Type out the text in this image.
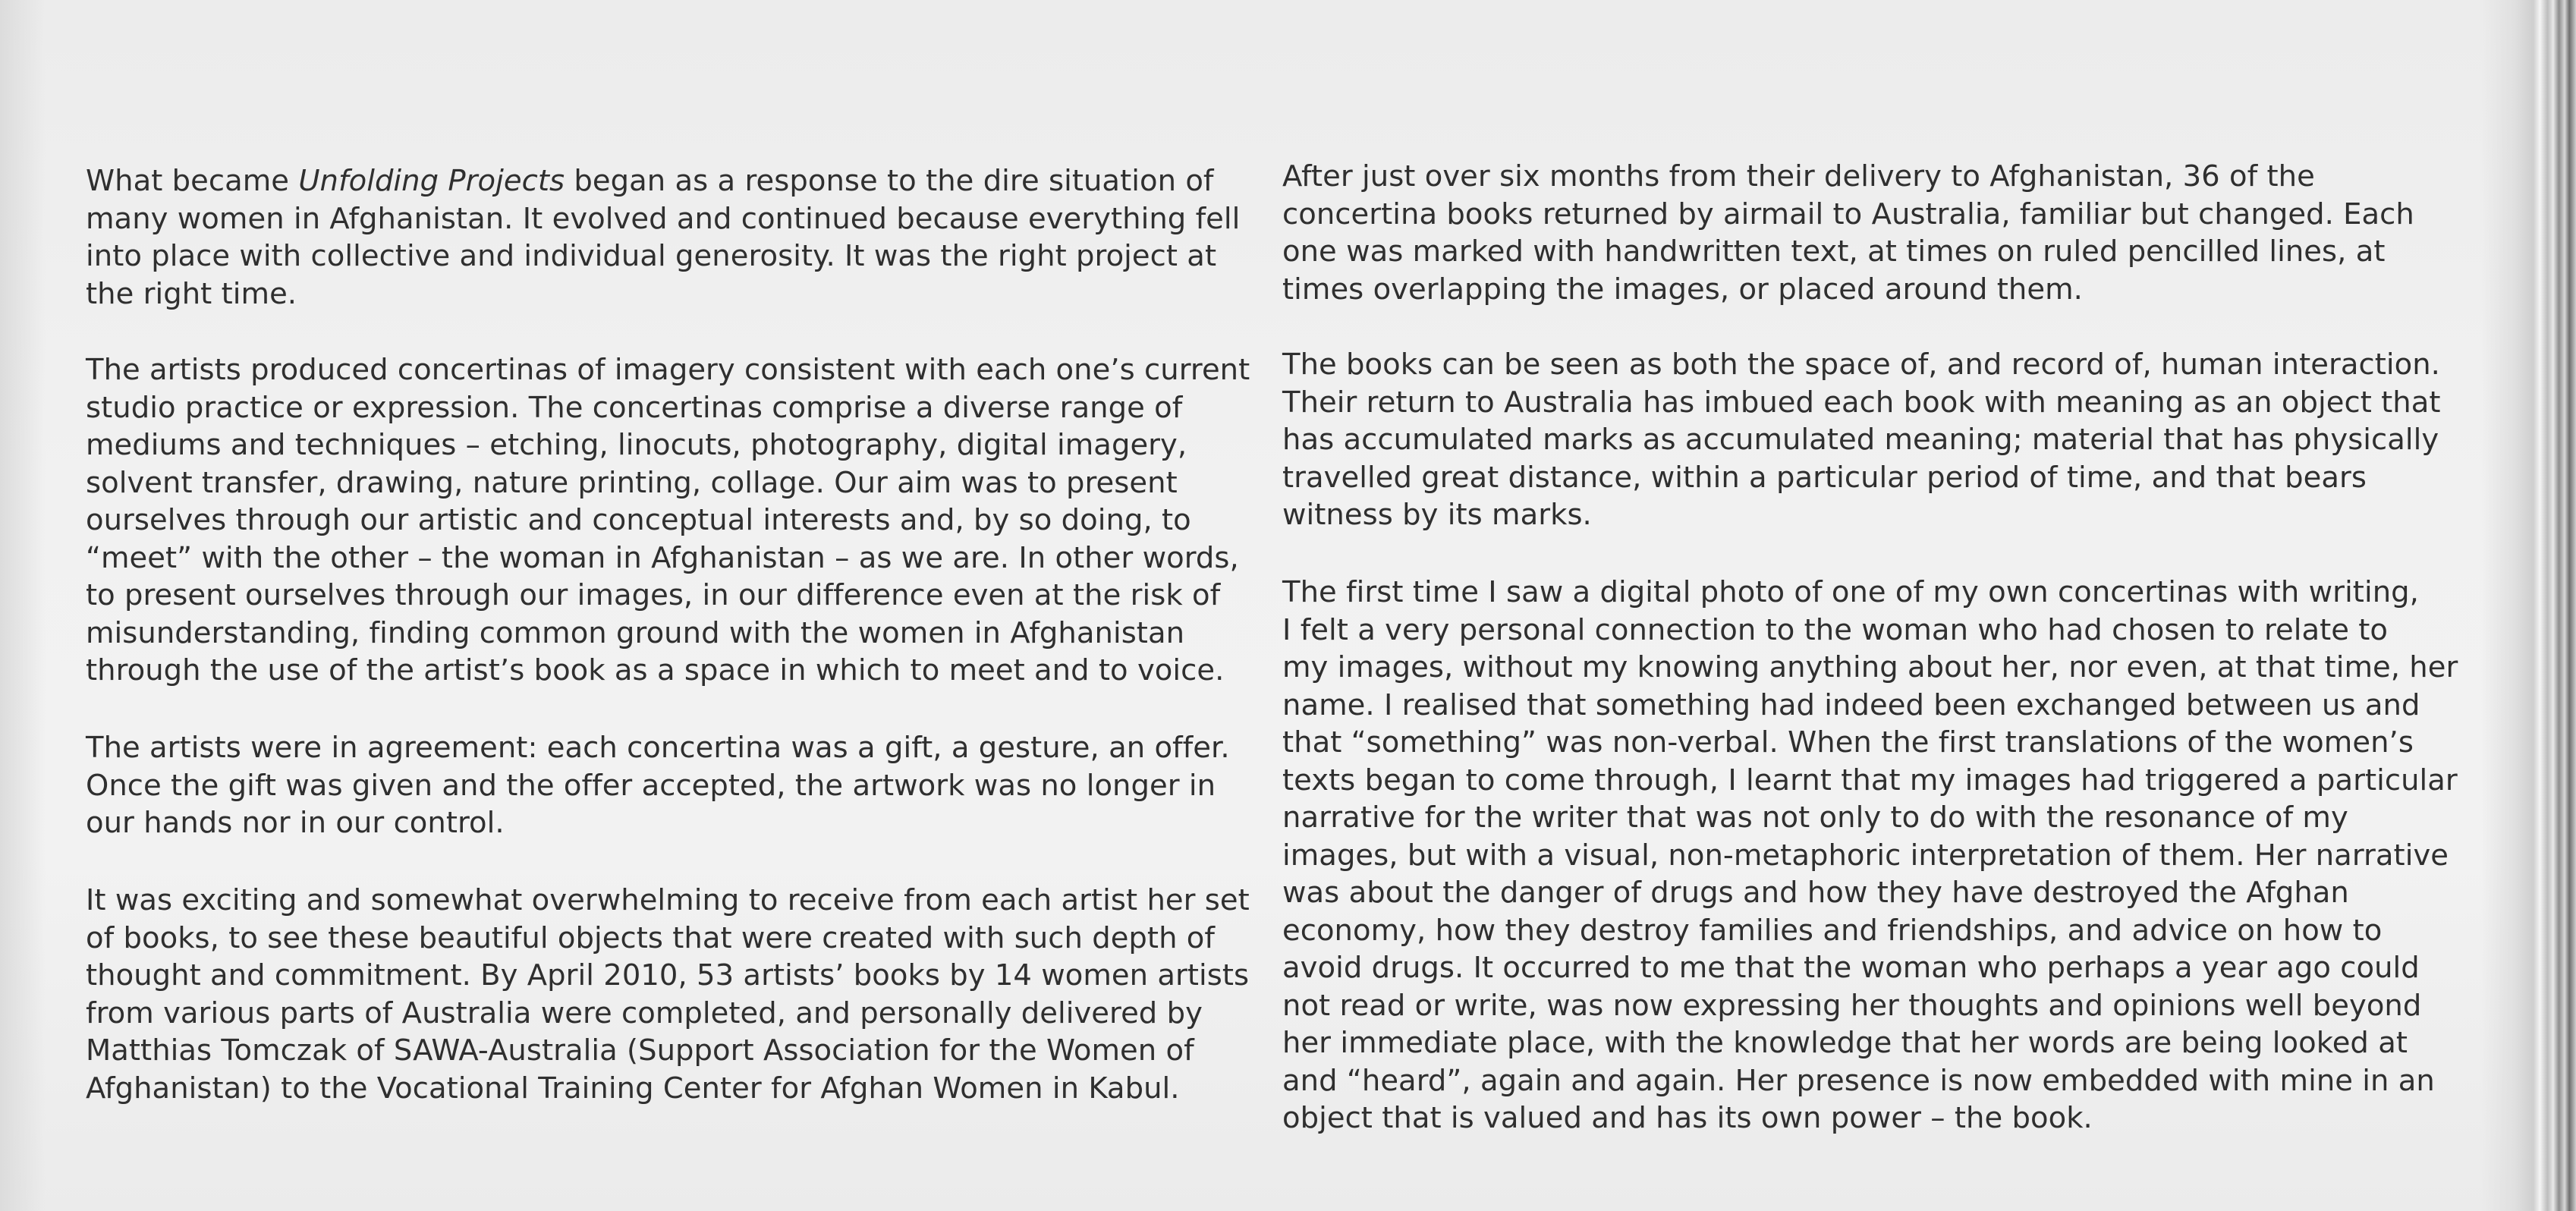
What became Unfolding Projects began as a response to the dire situation of
many women in Afghanistan. It evolved and continued because everything fell
into place with collective and individual generosity. It was the right project at
the right time.

The artists produced concertinas of imagery consistent with each one’s current
studio practice or expression. The concertinas comprise a diverse range of
mediums and techniques – etching, linocuts, photography, digital imagery,
solvent transfer, drawing, nature printing, collage. Our aim was to present
ourselves through our artistic and conceptual interests and, by so doing, to
“meet” with the other – the woman in Afghanistan – as we are. In other words,
to present ourselves through our images, in our difference even at the risk of
misunderstanding, finding common ground with the women in Afghanistan
through the use of the artist’s book as a space in which to meet and to voice.

The artists were in agreement: each concertina was a gift, a gesture, an offer.
Once the gift was given and the offer accepted, the artwork was no longer in
our hands nor in our control.

It was exciting and somewhat overwhelming to receive from each artist her set
of books, to see these beautiful objects that were created with such depth of
thought and commitment. By April 2010, 53 artists’ books by 14 women artists
from various parts of Australia were completed, and personally delivered by
Matthias Tomczak of SAWA-Australia (Support Association for the Women of
Afghanistan) to the Vocational Training Center for Afghan Women in Kabul.

After just over six months from their delivery to Afghanistan, 36 of the
concertina books returned by airmail to Australia, familiar but changed. Each
one was marked with handwritten text, at times on ruled pencilled lines, at
times overlapping the images, or placed around them.

The books can be seen as both the space of, and record of, human interaction.
Their return to Australia has imbued each book with meaning as an object that
has accumulated marks as accumulated meaning; material that has physically
travelled great distance, within a particular period of time, and that bears
witness by its marks.

The first time I saw a digital photo of one of my own concertinas with writing,
I felt a very personal connection to the woman who had chosen to relate to
my images, without my knowing anything about her, nor even, at that time, her
name. I realised that something had indeed been exchanged between us and
that “something” was non-verbal. When the first translations of the women’s
texts began to come through, I learnt that my images had triggered a particular
narrative for the writer that was not only to do with the resonance of my
images, but with a visual, non-metaphoric interpretation of them. Her narrative
was about the danger of drugs and how they have destroyed the Afghan
economy, how they destroy families and friendships, and advice on how to
avoid drugs. It occurred to me that the woman who perhaps a year ago could
not read or write, was now expressing her thoughts and opinions well beyond
her immediate place, with the knowledge that her words are being looked at
and “heard”, again and again. Her presence is now embedded with mine in an
object that is valued and has its own power – the book.
